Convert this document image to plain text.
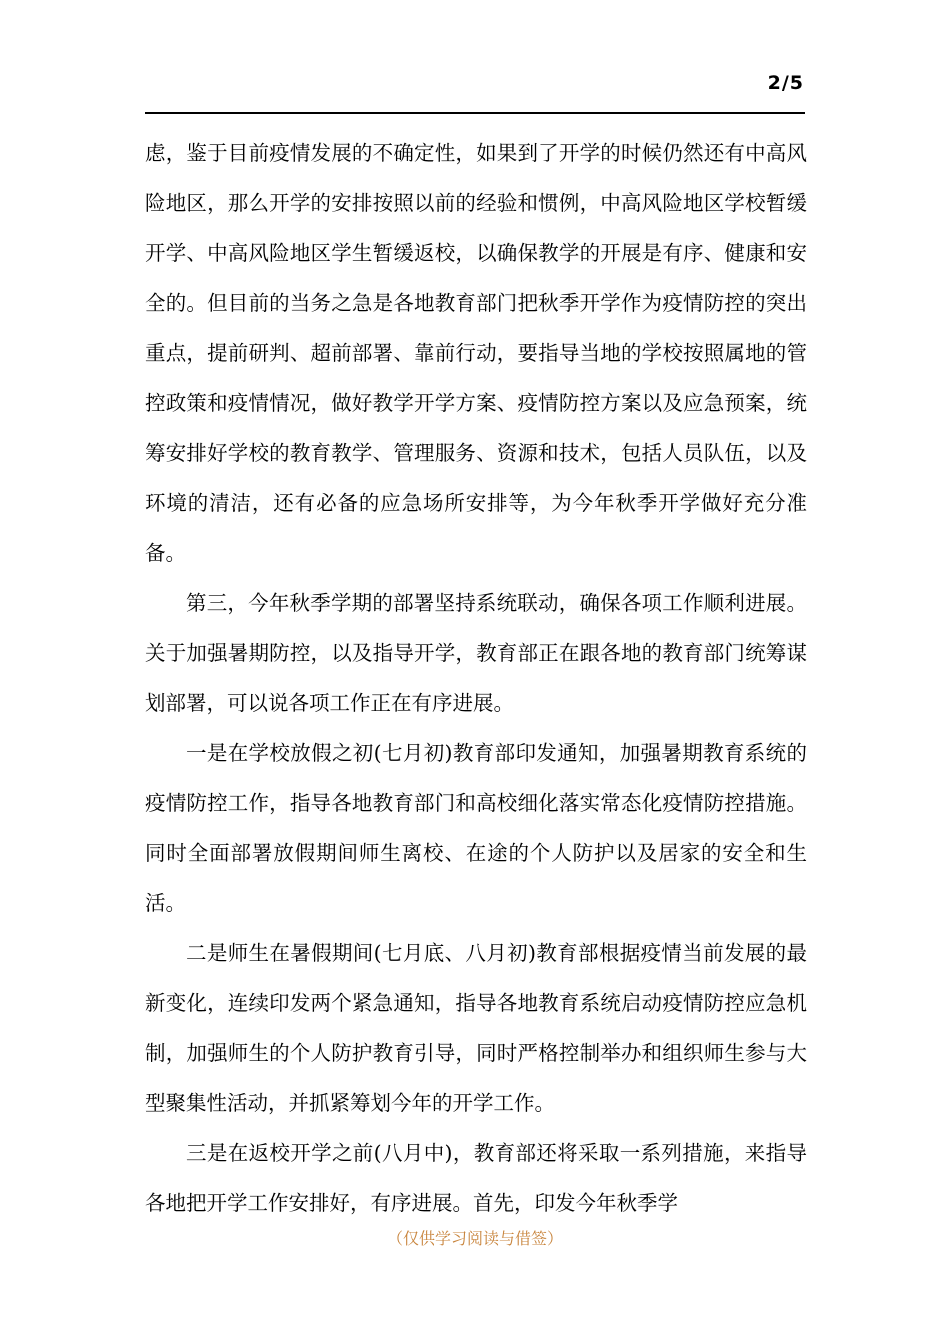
2/5

虑，鉴于目前疫情发展的不确定性，如果到了开学的时候仍然还有中高风险地区，那么开学的安排按照以前的经验和惯例，中高风险地区学校暂缓开学、中高风险地区学生暂缓返校，以确保教学的开展是有序、健康和安全的。但目前的当务之急是各地教育部门把秋季开学作为疫情防控的突出重点，提前研判、超前部署、靠前行动，要指导当地的学校按照属地的管控政策和疫情情况，做好教学开学方案、疫情防控方案以及应急预案，统筹安排好学校的教育教学、管理服务、资源和技术，包括人员队伍，以及环境的清洁，还有必备的应急场所安排等，为今年秋季开学做好充分准备。

第三，今年秋季学期的部署坚持系统联动，确保各项工作顺利进展。关于加强暑期防控，以及指导开学，教育部正在跟各地的教育部门统筹谋划部署，可以说各项工作正在有序进展。

一是在学校放假之初(七月初)教育部印发通知，加强暑期教育系统的疫情防控工作，指导各地教育部门和高校细化落实常态化疫情防控措施。同时全面部署放假期间师生离校、在途的个人防护以及居家的安全和生活。

二是师生在暑假期间(七月底、八月初)教育部根据疫情当前发展的最新变化，连续印发两个紧急通知，指导各地教育系统启动疫情防控应急机制，加强师生的个人防护教育引导，同时严格控制举办和组织师生参与大型聚集性活动，并抓紧筹划今年的开学工作。

三是在返校开学之前(八月中)，教育部还将采取一系列措施，来指导各地把开学工作安排好，有序进展。首先，印发今年秋季学

（仅供学习阅读与借签）
